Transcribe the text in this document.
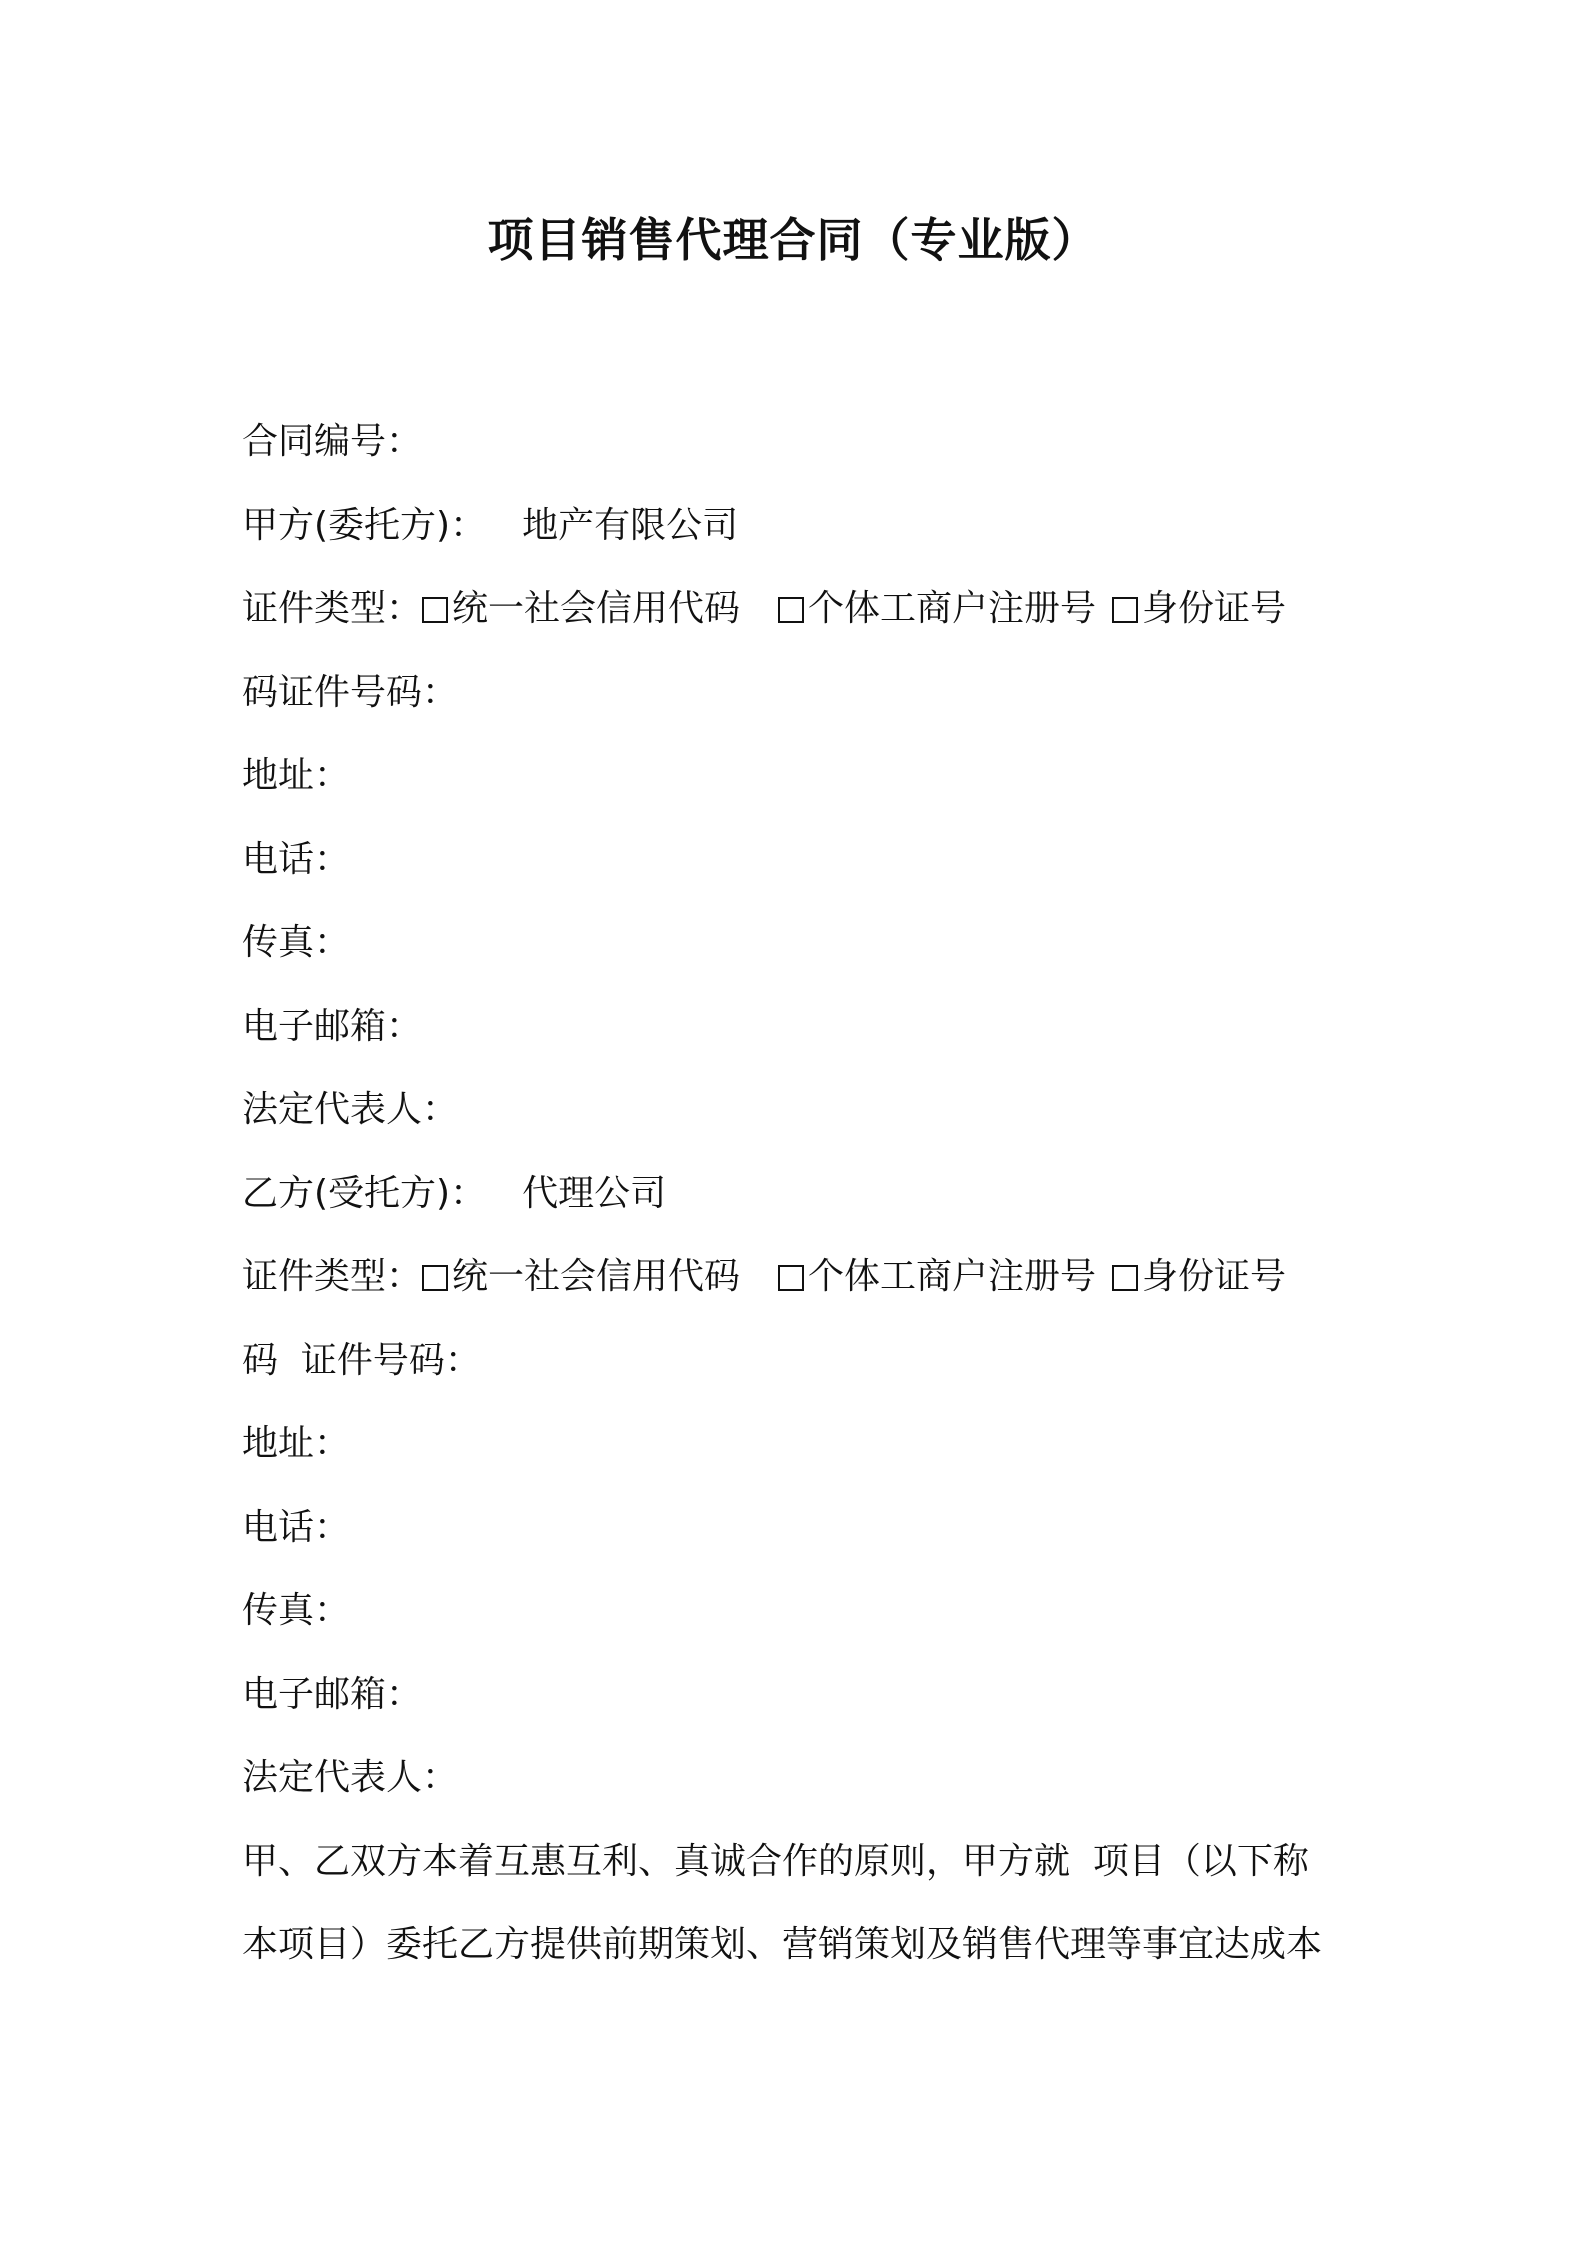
项目销售代理合同（专业版）
合同编号：
甲方(委托方)： 地产有限公司
证件类型： 统一社会信用代码 个体工商户注册号 身份证号
码证件号码：
地址：
电话：
传真：
电子邮箱：
法定代表人：
乙方(受托方)： 代理公司
证件类型： 统一社会信用代码 个体工商户注册号 身份证号
码  证件号码：
地址：
电话：
传真：
电子邮箱：
法定代表人：
甲、乙双方本着互惠互利、真诚合作的原则，甲方就  项目（以下称
本项目）委托乙方提供前期策划、营销策划及销售代理等事宜达成本
